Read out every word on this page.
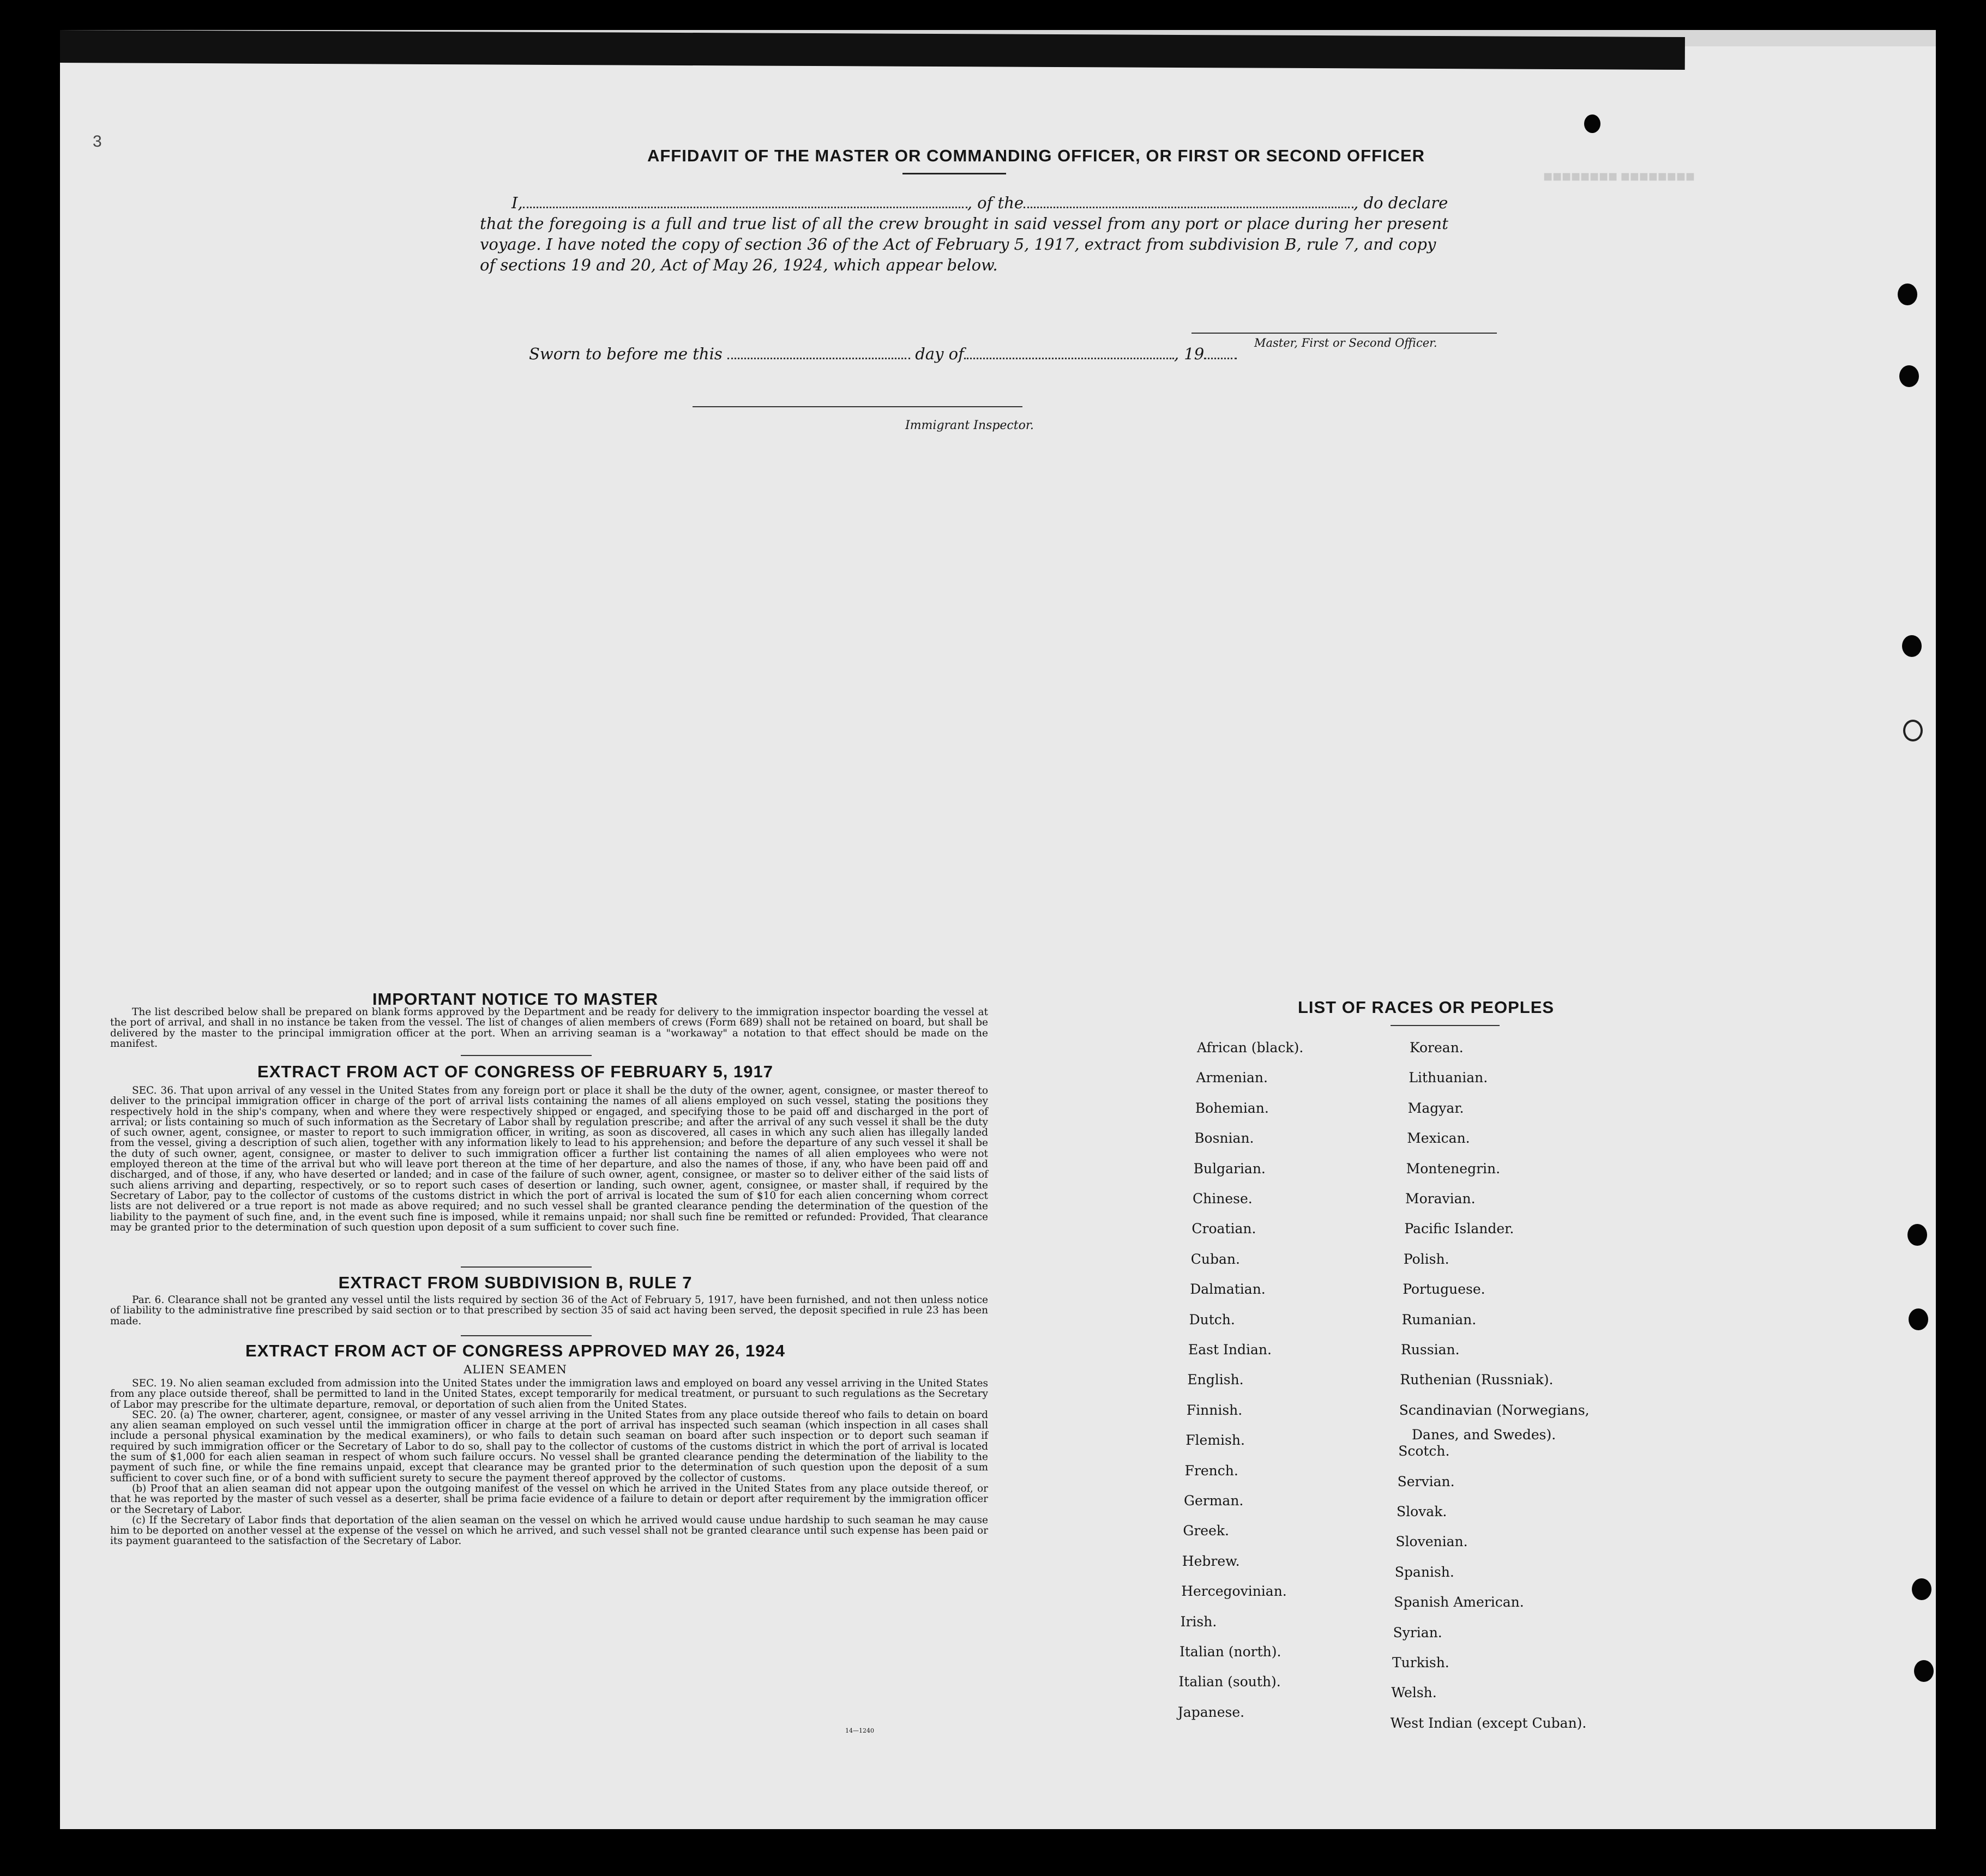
■■■■■■■■ ■■■■■■■■
3
AFFIDAVIT OF THE MASTER OR COMMANDING OFFICER, OR FIRST OR SECOND OFFICER
I,	, of the	, do declare
that the foregoing is a full and true list of all the crew brought in said vessel from any port or place during her present
voyage. I have noted the copy of section 36 of the Act of February 5, 1917, extract from subdivision B, rule 7, and copy
of sections 19 and 20, Act of May 26, 1924, which appear below.
Master, First or Second Officer.
Sworn to before me this	day of	, 19
Immigrant Inspector.
IMPORTANT NOTICE TO MASTER

The list described below shall be prepared on blank forms approved by the Department and be ready for delivery to the immigration inspector boarding the vessel at the port of arrival, and shall in no instance be taken from the vessel. The list of changes of alien members of crews (Form 689) shall not be retained on board, but shall be delivered by the master to the principal immigration officer at the port. When an arriving seaman is a "workaway" a notation to that effect should be made on the manifest.

EXTRACT FROM ACT OF CONGRESS OF FEBRUARY 5, 1917

SEC. 36. That upon arrival of any vessel in the United States from any foreign port or place it shall be the duty of the owner, agent, consignee, or master thereof to deliver to the principal immigration officer in charge of the port of arrival lists containing the names of all aliens employed on such vessel, stating the positions they respectively hold in the ship's company, when and where they were respectively shipped or engaged, and specifying those to be paid off and discharged in the port of arrival; or lists containing so much of such information as the Secretary of Labor shall by regulation prescribe; and after the arrival of any such vessel it shall be the duty of such owner, agent, consignee, or master to report to such immigration officer, in writing, as soon as discovered, all cases in which any such alien has illegally landed from the vessel, giving a description of such alien, together with any information likely to lead to his apprehension; and before the departure of any such vessel it shall be the duty of such owner, agent, consignee, or master to deliver to such immigration officer a further list containing the names of all alien employees who were not employed thereon at the time of the arrival but who will leave port thereon at the time of her departure, and also the names of those, if any, who have been paid off and discharged, and of those, if any, who have deserted or landed; and in case of the failure of such owner, agent, consignee, or master so to deliver either of the said lists of such aliens arriving and departing, respectively, or so to report such cases of desertion or landing, such owner, agent, consignee, or master shall, if required by the Secretary of Labor, pay to the collector of customs of the customs district in which the port of arrival is located the sum of $10 for each alien concerning whom correct lists are not delivered or a true report is not made as above required; and no such vessel shall be granted clearance pending the determination of the question of the liability to the payment of such fine, and, in the event such fine is imposed, while it remains unpaid; nor shall such fine be remitted or refunded: Provided, That clearance may be granted prior to the determination of such question upon deposit of a sum sufficient to cover such fine.

EXTRACT FROM SUBDIVISION B, RULE 7

Par. 6. Clearance shall not be granted any vessel until the lists required by section 36 of the Act of February 5, 1917, have been furnished, and not then unless notice of liability to the administrative fine prescribed by said section or to that prescribed by section 35 of said act having been served, the deposit specified in rule 23 has been made.

EXTRACT FROM ACT OF CONGRESS APPROVED MAY 26, 1924
ALIEN SEAMEN

SEC. 19. No alien seaman excluded from admission into the United States under the immigration laws and employed on board any vessel arriving in the United States from any place outside thereof, shall be permitted to land in the United States, except temporarily for medical treatment, or pursuant to such regulations as the Secretary of Labor may prescribe for the ultimate departure, removal, or deportation of such alien from the United States.

SEC. 20. (a) The owner, charterer, agent, consignee, or master of any vessel arriving in the United States from any place outside thereof who fails to detain on board any alien seaman employed on such vessel until the immigration officer in charge at the port of arrival has inspected such seaman (which inspection in all cases shall include a personal physical examination by the medical examiners), or who fails to detain such seaman on board after such inspection or to deport such seaman if required by such immigration officer or the Secretary of Labor to do so, shall pay to the collector of customs of the customs district in which the port of arrival is located the sum of $1,000 for each alien seaman in respect of whom such failure occurs. No vessel shall be granted clearance pending the determination of the liability to the payment of such fine, or while the fine remains unpaid, except that clearance may be granted prior to the determination of such question upon the deposit of a sum sufficient to cover such fine, or of a bond with sufficient surety to secure the payment thereof approved by the collector of customs.

(b) Proof that an alien seaman did not appear upon the outgoing manifest of the vessel on which he arrived in the United States from any place outside thereof, or that he was reported by the master of such vessel as a deserter, shall be prima facie evidence of a failure to detain or deport after requirement by the immigration officer or the Secretary of Labor.

(c) If the Secretary of Labor finds that deportation of the alien seaman on the vessel on which he arrived would cause undue hardship to such seaman he may cause him to be deported on another vessel at the expense of the vessel on which he arrived, and such vessel shall not be granted clearance until such expense has been paid or its payment guaranteed to the satisfaction of the Secretary of Labor.

14—1240
LIST OF RACES OR PEOPLES
Danes, and Swedes).
African (black).
Armenian.
Bohemian.
Bosnian.
Bulgarian.
Chinese.
Croatian.
Cuban.
Dalmatian.
Dutch.
East Indian.
English.
Finnish.
Flemish.
French.
German.
Greek.
Hebrew.
Hercegovinian.
Irish.
Italian (north).
Italian (south).
Japanese.
Korean.
Lithuanian.
Magyar.
Mexican.
Montenegrin.
Moravian.
Pacific Islander.
Polish.
Portuguese.
Rumanian.
Russian.
Ruthenian (Russniak).
Scandinavian (Norwegians,
Scotch.
Servian.
Slovak.
Slovenian.
Spanish.
Spanish American.
Syrian.
Turkish.
Welsh.
West Indian (except Cuban).
